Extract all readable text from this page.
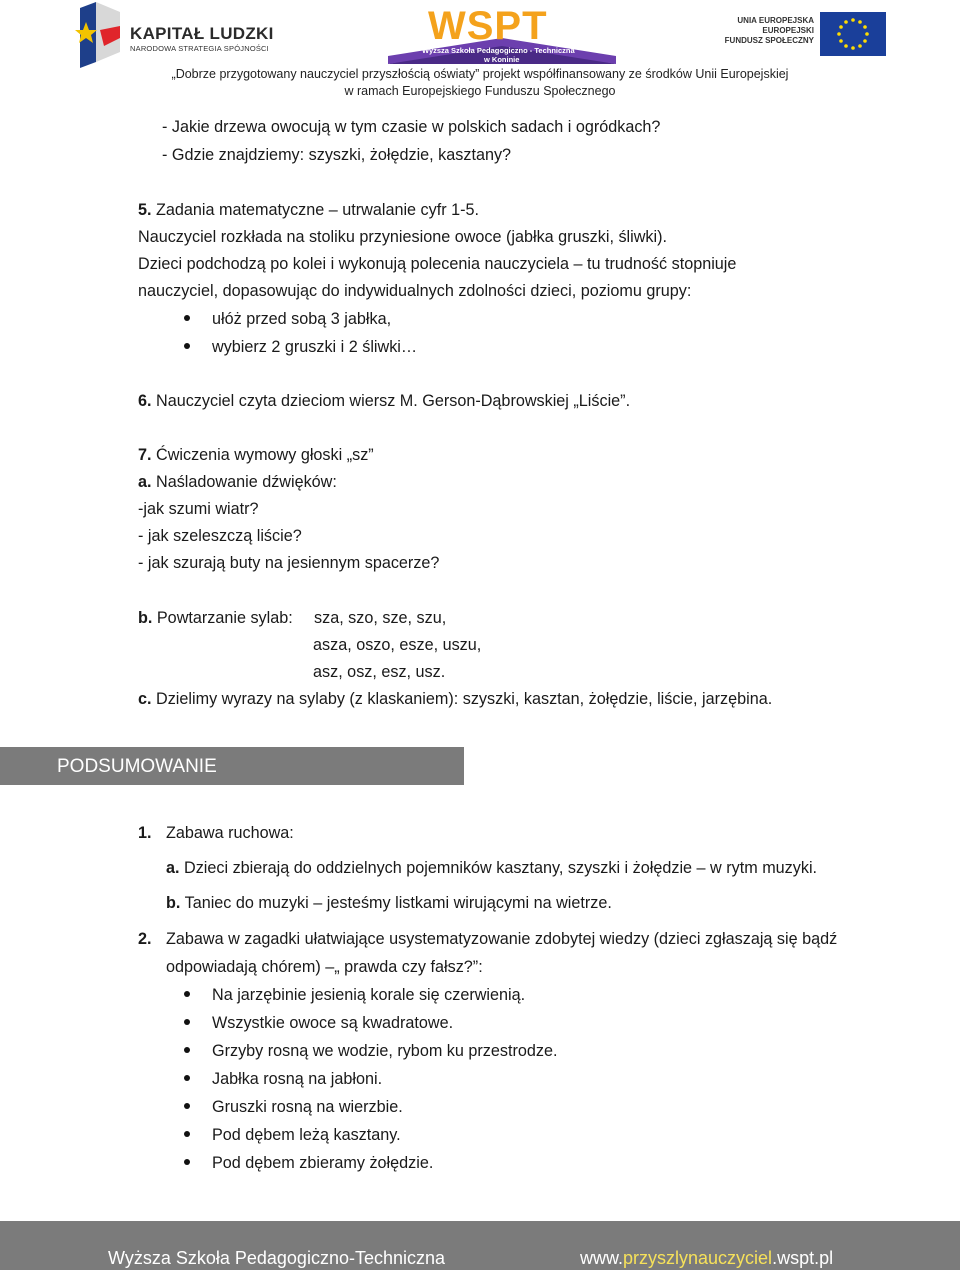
KAPITAŁ LUDZKI
NARODOWA STRATEGIA SPÓJNOŚCI
WSPT
Wyższa Szkoła Pedagogiczno - Techniczna
w Koninie
UNIA EUROPEJSKA
EUROPEJSKI
FUNDUSZ SPOŁECZNY
„Dobrze przygotowany nauczyciel przyszłością oświaty” projekt współfinansowany ze środków Unii Europejskiej
w ramach Europejskiego Funduszu Społecznego
- Jakie drzewa owocują w tym czasie w polskich sadach i ogródkach?
- Gdzie znajdziemy: szyszki, żołędzie, kasztany?
5. Zadania matematyczne – utrwalanie cyfr 1-5.
Nauczyciel rozkłada na stoliku przyniesione owoce (jabłka gruszki, śliwki).
Dzieci podchodzą po kolei i wykonują polecenia nauczyciela – tu trudność stopniuje
nauczyciel, dopasowując do indywidualnych zdolności dzieci, poziomu grupy:
ułóż przed sobą 3 jabłka,
wybierz 2 gruszki i 2 śliwki…
6. Nauczyciel czyta dzieciom wiersz M. Gerson-Dąbrowskiej „Liście”.
7. Ćwiczenia wymowy głoski „sz”
a. Naśladowanie dźwięków:
-jak szumi wiatr?
- jak szeleszczą liście?
- jak szurają buty na jesiennym spacerze?
b. Powtarzanie sylab: sza, szo, sze, szu,
asza, oszo, esze, uszu,
asz, osz, esz, usz.
c. Dzielimy wyrazy na sylaby (z klaskaniem): szyszki, kasztan, żołędzie, liście, jarzębina.
PODSUMOWANIE
1. Zabawa ruchowa:
a. Dzieci zbierają do oddzielnych pojemników kasztany, szyszki i żołędzie – w rytm muzyki.
b. Taniec do muzyki – jesteśmy listkami wirującymi na wietrze.
2. Zabawa w zagadki ułatwiające usystematyzowanie zdobytej wiedzy (dzieci zgłaszają się bądź
odpowiadają chórem) –„ prawda czy fałsz?”:
Na jarzębinie jesienią korale się czerwienią.
Wszystkie owoce są kwadratowe.
Grzyby rosną we wodzie, rybom ku przestrodze.
Jabłka rosną na jabłoni.
Gruszki rosną na wierzbie.
Pod dębem leżą kasztany.
Pod dębem zbieramy żołędzie.
Wyższa Szkoła Pedagogiczno-Techniczna	www.przyszlynauczyciel.wspt.pl
